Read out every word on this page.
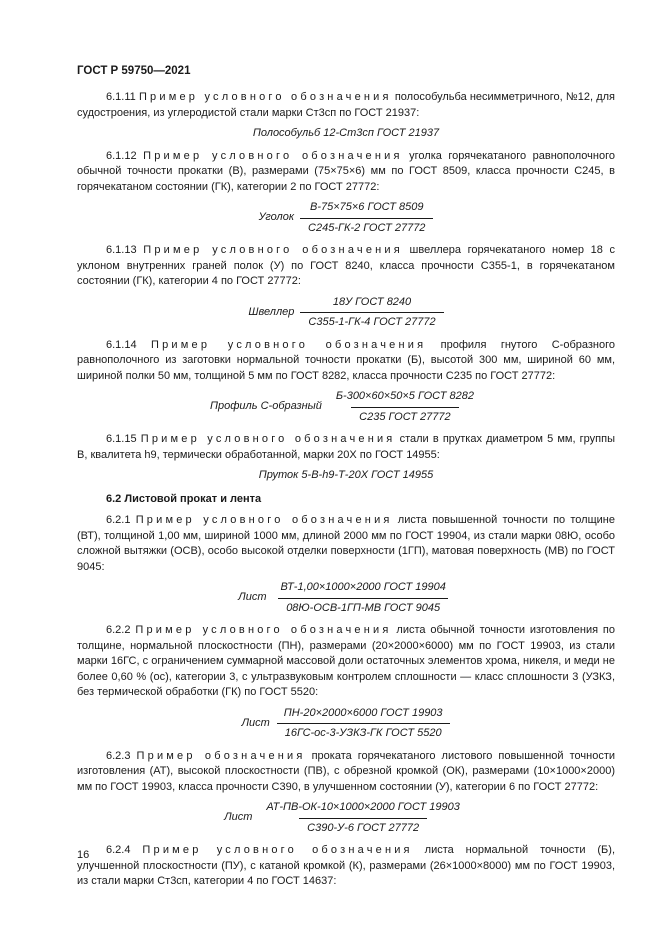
ГОСТ Р 59750—2021

6.1.11 Пример условного обозначения полособульба несимметричного, №12, для судостроения, из углеродистой стали марки Ст3сп по ГОСТ 21937:

Полособульб 12-Ст3сп ГОСТ 21937

6.1.12 Пример условного обозначения уголка горячекатаного равнополочного обычной точности прокатки (В), размерами (75×75×6) мм по ГОСТ 8509, класса прочности С245, в горячекатаном состоянии (ГК), категории 2 по ГОСТ 27772:

Уголок
В-75×75×6 ГОСТ 8509
С245-ГК-2 ГОСТ 27772

6.1.13 Пример условного обозначения швеллера горячекатаного номер 18 с уклоном внутренних граней полок (У) по ГОСТ 8240, класса прочности С355-1, в горячекатаном состоянии (ГК), категории 4 по ГОСТ 27772:

Швеллер
18У ГОСТ 8240
С355-1-ГК-4 ГОСТ 27772

6.1.14 Пример условного обозначения профиля гнутого С-образного равнополочного из заготовки нормальной точности прокатки (Б), высотой 300 мм, шириной 60 мм, шириной полки 50 мм, толщиной 5 мм по ГОСТ 8282, класса прочности С235 по ГОСТ 27772:

Профиль С-образный
Б-300×60×50×5 ГОСТ 8282
С235 ГОСТ 27772

6.1.15 Пример условного обозначения стали в прутках диаметром 5 мм, группы В, квалитета h9, термически обработанной, марки 20Х по ГОСТ 14955:

Пруток 5-В-h9-Т-20Х ГОСТ 14955
6.2 Листовой прокат и лента

6.2.1 Пример условного обозначения листа повышенной точности по толщине (ВТ), толщиной 1,00 мм, шириной 1000 мм, длиной 2000 мм по ГОСТ 19904, из стали марки 08Ю, особо сложной вытяжки (ОСВ), особо высокой отделки поверхности (1ГП), матовая поверхность (МВ) по ГОСТ 9045:

Лист
ВТ-1,00×1000×2000 ГОСТ 19904
08Ю-ОСВ-1ГП-МВ ГОСТ 9045

6.2.2 Пример условного обозначения листа обычной точности изготовления по толщине, нормальной плоскостности (ПН), размерами (20×2000×6000) мм по ГОСТ 19903, из стали марки 16ГС, с ограничением суммарной массовой доли остаточных элементов хрома, никеля, и меди не более 0,60 % (ос), категории 3, с ультразвуковым контролем сплошности — класс сплошности 3 (УЗКЗ, без термической обработки (ГК) по ГОСТ 5520:

Лист
ПН-20×2000×6000 ГОСТ 19903
16ГС-ос-3-УЗКЗ-ГК ГОСТ 5520

6.2.3 Пример обозначения проката горячекатаного листового повышенной точности изготовления (АТ), высокой плоскостности (ПВ), с обрезной кромкой (ОК), размерами (10×1000×2000) мм по ГОСТ 19903, класса прочности С390, в улучшенном состоянии (У), категории 6 по ГОСТ 27772:

Лист
АТ-ПВ-ОК-10×1000×2000 ГОСТ 19903
С390-У-6 ГОСТ 27772

6.2.4 Пример условного обозначения листа нормальной точности (Б), улучшенной плоскостности (ПУ), с катаной кромкой (К), размерами (26×1000×8000) мм по ГОСТ 19903, из стали марки Ст3сп, категории 4 по ГОСТ 14637:

16
